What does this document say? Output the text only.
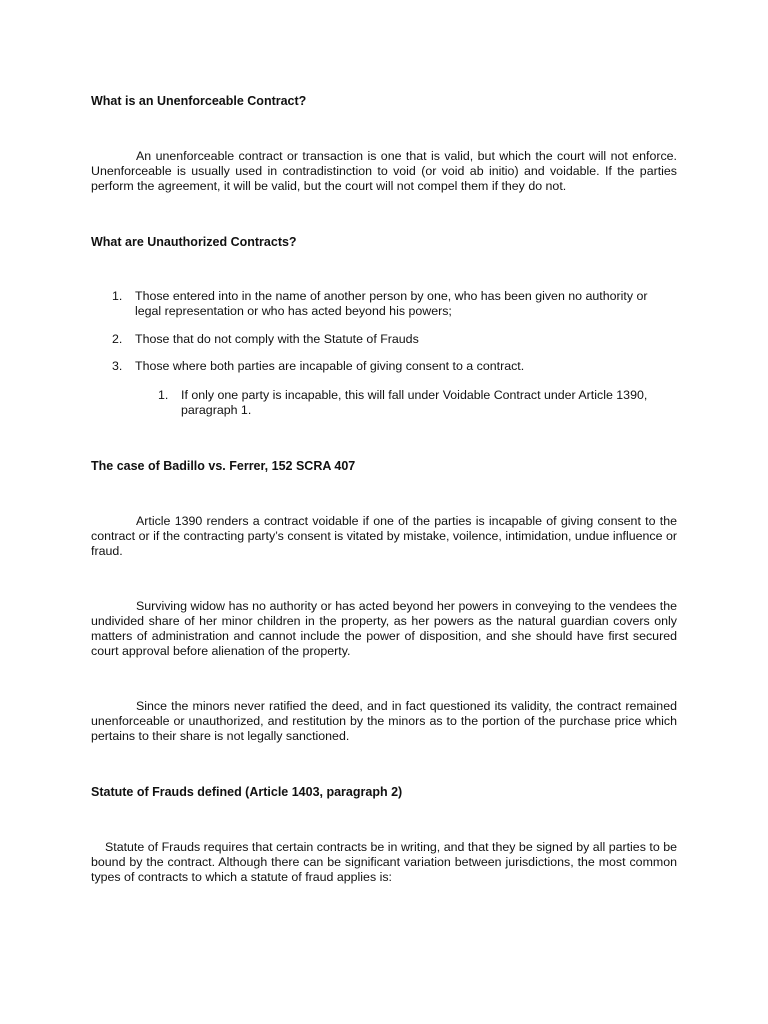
What is an Unenforceable Contract?

An unenforceable contract or transaction is one that is valid, but which the court will not enforce. Unenforceable is usually used in contradistinction to void (or void ab initio) and voidable. If the parties perform the agreement, it will be valid, but the court will not compel them if they do not.

What are Unauthorized Contracts?
1. Those entered into in the name of another person by one, who has been given no authority or legal representation or who has acted beyond his powers;
2. Those that do not comply with the Statute of Frauds
3. Those where both parties are incapable of giving consent to a contract.
1. If only one party is incapable, this will fall under Voidable Contract under Article 1390, paragraph 1.
The case of Badillo vs. Ferrer, 152 SCRA 407

Article 1390 renders a contract voidable if one of the parties is incapable of giving consent to the contract or if the contracting party’s consent is vitated by mistake, voilence, intimidation, undue influence or fraud.

Surviving widow has no authority or has acted beyond her powers in conveying to the vendees the undivided share of her minor children in the property, as her powers as the natural guardian covers only matters of administration and cannot include the power of disposition, and she should have first secured court approval before alienation of the property.

Since the minors never ratified the deed, and in fact questioned its validity, the contract remained unenforceable or unauthorized, and restitution by the minors as to the portion of the purchase price which pertains to their share is not legally sanctioned.

Statute of Frauds defined (Article 1403, paragraph 2)

Statute of Frauds requires that certain contracts be in writing, and that they be signed by all parties to be bound by the contract. Although there can be significant variation between jurisdictions, the most common types of contracts to which a statute of fraud applies is:
